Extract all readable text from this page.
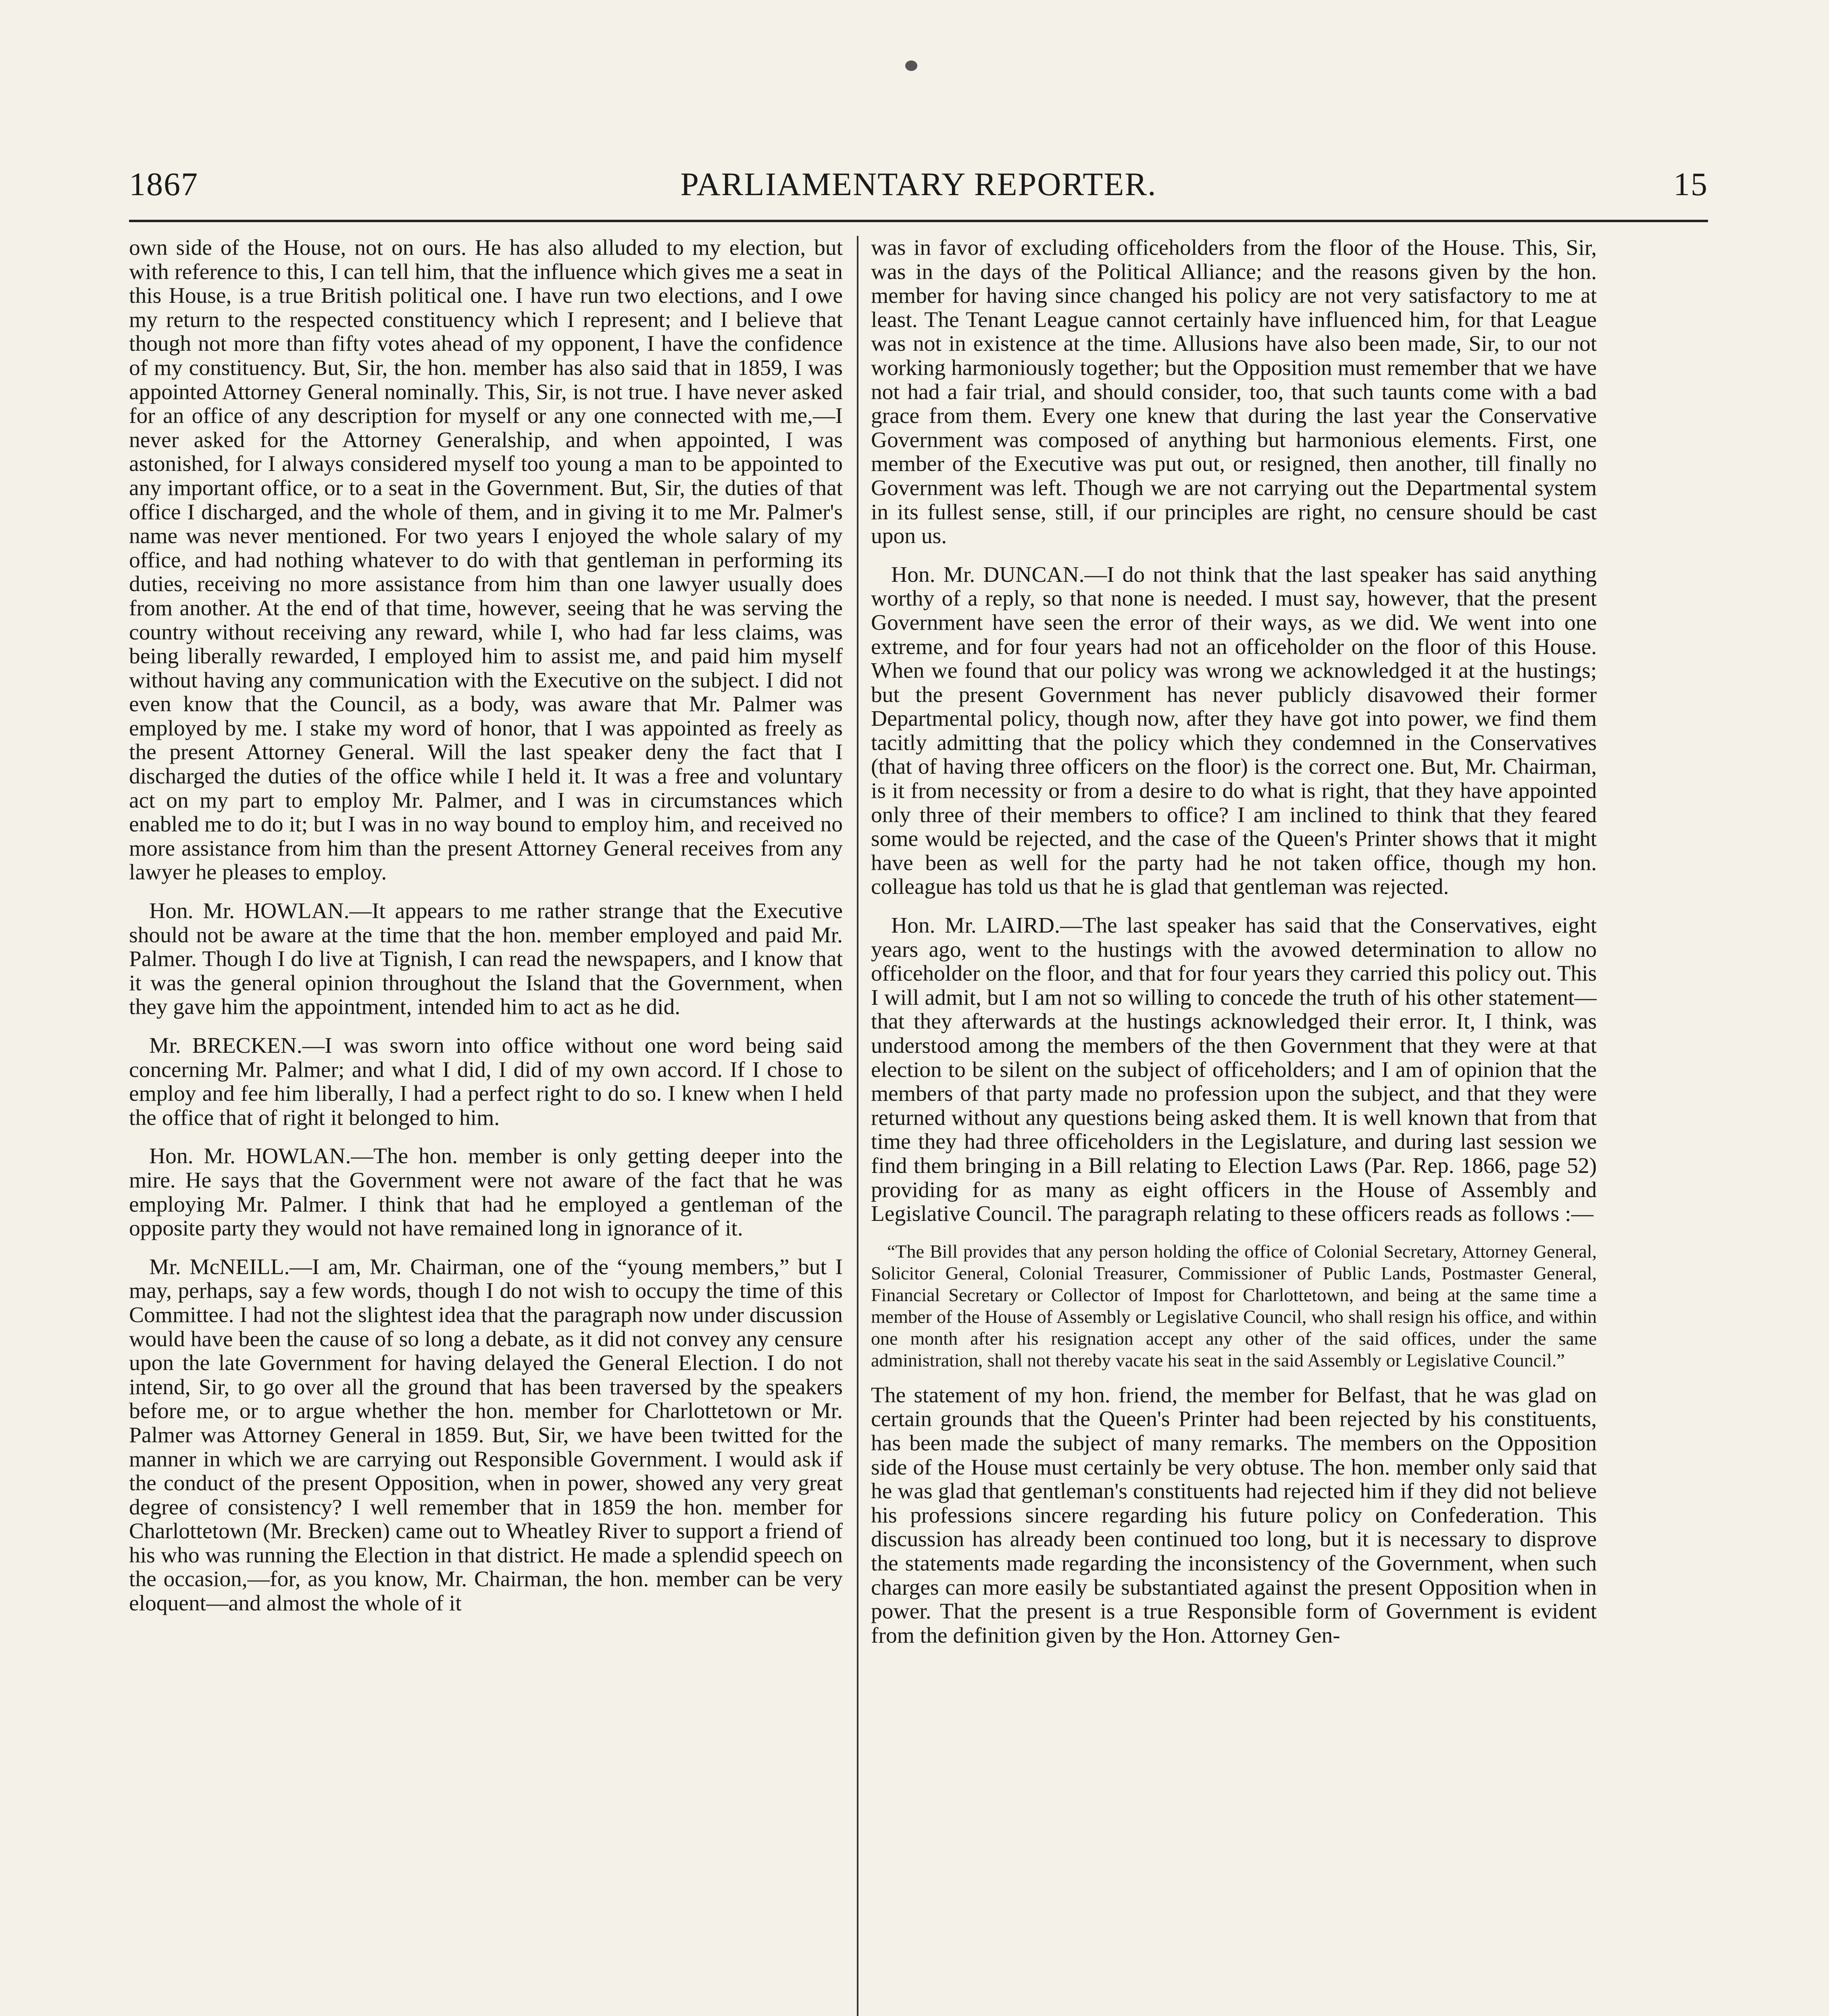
1867	PARLIAMENTARY REPORTER.	15

own side of the House, not on ours. He has also alluded to my election, but with reference to this, I can tell him, that the influence which gives me a seat in this House, is a true British political one. I have run two elections, and I owe my return to the respected constituency which I represent; and I believe that though not more than fifty votes ahead of my opponent, I have the confidence of my constituency. But, Sir, the hon. member has also said that in 1859, I was appointed Attorney General nominally. This, Sir, is not true. I have never asked for an office of any description for myself or any one connected with me,—I never asked for the Attorney Generalship, and when appointed, I was astonished, for I always considered myself too young a man to be appointed to any important office, or to a seat in the Government. But, Sir, the duties of that office I discharged, and the whole of them, and in giving it to me Mr. Palmer's name was never mentioned. For two years I enjoyed the whole salary of my office, and had nothing whatever to do with that gentleman in performing its duties, receiving no more assistance from him than one lawyer usually does from another. At the end of that time, however, seeing that he was serving the country without receiving any reward, while I, who had far less claims, was being liberally rewarded, I employed him to assist me, and paid him myself without having any communication with the Executive on the subject. I did not even know that the Council, as a body, was aware that Mr. Palmer was employed by me. I stake my word of honor, that I was appointed as freely as the present Attorney General. Will the last speaker deny the fact that I discharged the duties of the office while I held it. It was a free and voluntary act on my part to employ Mr. Palmer, and I was in circumstances which enabled me to do it; but I was in no way bound to employ him, and received no more assistance from him than the present Attorney General receives from any lawyer he pleases to employ.

Hon. Mr. HOWLAN.—It appears to me rather strange that the Executive should not be aware at the time that the hon. member employed and paid Mr. Palmer. Though I do live at Tignish, I can read the newspapers, and I know that it was the general opinion throughout the Island that the Government, when they gave him the appointment, intended him to act as he did.

Mr. BRECKEN.—I was sworn into office without one word being said concerning Mr. Palmer; and what I did, I did of my own accord. If I chose to employ and fee him liberally, I had a perfect right to do so. I knew when I held the office that of right it belonged to him.

Hon. Mr. HOWLAN.—The hon. member is only getting deeper into the mire. He says that the Government were not aware of the fact that he was employing Mr. Palmer. I think that had he employed a gentleman of the opposite party they would not have remained long in ignorance of it.

Mr. McNEILL.—I am, Mr. Chairman, one of the “young members,” but I may, perhaps, say a few words, though I do not wish to occupy the time of this Committee. I had not the slightest idea that the paragraph now under discussion would have been the cause of so long a debate, as it did not convey any censure upon the late Government for having delayed the General Election. I do not intend, Sir, to go over all the ground that has been traversed by the speakers before me, or to argue whether the hon. member for Charlottetown or Mr. Palmer was Attorney General in 1859. But, Sir, we have been twitted for the manner in which we are carrying out Responsible Government. I would ask if the conduct of the present Opposition, when in power, showed any very great degree of consistency? I well remember that in 1859 the hon. member for Charlottetown (Mr. Brecken) came out to Wheatley River to support a friend of his who was running the Election in that district. He made a splendid speech on the occasion,—for, as you know, Mr. Chairman, the hon. member can be very eloquent—and almost the whole of it

was in favor of excluding officeholders from the floor of the House. This, Sir, was in the days of the Political Alliance; and the reasons given by the hon. member for having since changed his policy are not very satisfactory to me at least. The Tenant League cannot certainly have influenced him, for that League was not in existence at the time. Allusions have also been made, Sir, to our not working harmoniously together; but the Opposition must remember that we have not had a fair trial, and should consider, too, that such taunts come with a bad grace from them. Every one knew that during the last year the Conservative Government was composed of anything but harmonious elements. First, one member of the Executive was put out, or resigned, then another, till finally no Government was left. Though we are not carrying out the Departmental system in its fullest sense, still, if our principles are right, no censure should be cast upon us.

Hon. Mr. DUNCAN.—I do not think that the last speaker has said anything worthy of a reply, so that none is needed. I must say, however, that the present Government have seen the error of their ways, as we did. We went into one extreme, and for four years had not an officeholder on the floor of this House. When we found that our policy was wrong we acknowledged it at the hustings; but the present Government has never publicly disavowed their former Departmental policy, though now, after they have got into power, we find them tacitly admitting that the policy which they condemned in the Conservatives (that of having three officers on the floor) is the correct one. But, Mr. Chairman, is it from necessity or from a desire to do what is right, that they have appointed only three of their members to office? I am inclined to think that they feared some would be rejected, and the case of the Queen's Printer shows that it might have been as well for the party had he not taken office, though my hon. colleague has told us that he is glad that gentleman was rejected.

Hon. Mr. LAIRD.—The last speaker has said that the Conservatives, eight years ago, went to the hustings with the avowed determination to allow no officeholder on the floor, and that for four years they carried this policy out. This I will admit, but I am not so willing to concede the truth of his other statement—that they afterwards at the hustings acknowledged their error. It, I think, was understood among the members of the then Government that they were at that election to be silent on the subject of officeholders; and I am of opinion that the members of that party made no profession upon the subject, and that they were returned without any questions being asked them. It is well known that from that time they had three officeholders in the Legislature, and during last session we find them bringing in a Bill relating to Election Laws (Par. Rep. 1866, page 52) providing for as many as eight officers in the House of Assembly and Legislative Council. The paragraph relating to these officers reads as follows :—

“The Bill provides that any person holding the office of Colonial Secretary, Attorney General, Solicitor General, Colonial Treasurer, Commissioner of Public Lands, Postmaster General, Financial Secretary or Collector of Impost for Charlottetown, and being at the same time a member of the House of Assembly or Legislative Council, who shall resign his office, and within one month after his resignation accept any other of the said offices, under the same administration, shall not thereby vacate his seat in the said Assembly or Legislative Council.”

The statement of my hon. friend, the member for Belfast, that he was glad on certain grounds that the Queen's Printer had been rejected by his constituents, has been made the subject of many remarks. The members on the Opposition side of the House must certainly be very obtuse. The hon. member only said that he was glad that gentleman's constituents had rejected him if they did not believe his professions sincere regarding his future policy on Confederation. This discussion has already been continued too long, but it is necessary to disprove the statements made regarding the inconsistency of the Government, when such charges can more easily be substantiated against the present Opposition when in power. That the present is a true Responsible form of Government is evident from the definition given by the Hon. Attorney Gen-
